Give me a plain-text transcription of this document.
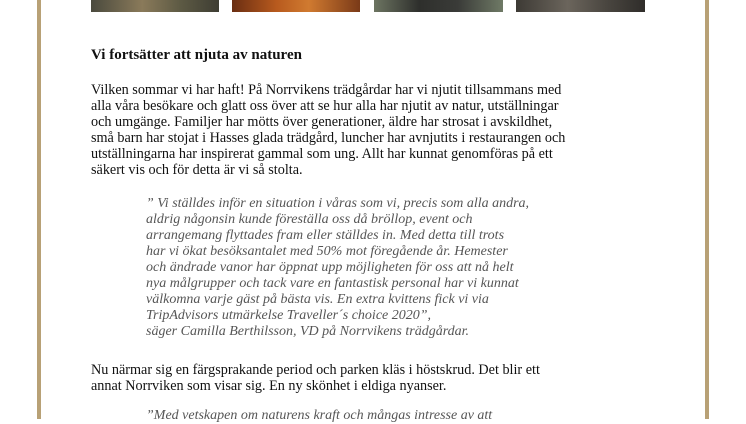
Vi fortsätter att njuta av naturen

Vilken sommar vi har haft! På Norrvikens trädgårdar har vi njutit tillsammans med
alla våra besökare och glatt oss över att se hur alla har njutit av natur, utställningar
och umgänge. Familjer har mötts över generationer, äldre har strosat i avskildhet,
små barn har stojat i Hasses glada trädgård, luncher har avnjutits i restaurangen och
utställningarna har inspirerat gammal som ung. Allt har kunnat genomföras på ett
säkert vis och för detta är vi så stolta.

” Vi ställdes inför en situation i våras som vi, precis som alla andra,
aldrig någonsin kunde föreställa oss då bröllop, event och
arrangemang flyttades fram eller ställdes in. Med detta till trots
har vi ökat besöksantalet med 50% mot föregående år. Hemester
och ändrade vanor har öppnat upp möjligheten för oss att nå helt
nya målgrupper och tack vare en fantastisk personal har vi kunnat
välkomna varje gäst på bästa vis. En extra kvittens fick vi via
TripAdvisors utmärkelse Traveller´s choice 2020”,
säger Camilla Berthilsson, VD på Norrvikens trädgårdar.

Nu närmar sig en färgsprakande period och parken kläs i höstskrud. Det blir ett
annat Norrviken som visar sig. En ny skönhet i eldiga nyanser.

”Med vetskapen om naturens kraft och mångas intresse av att
